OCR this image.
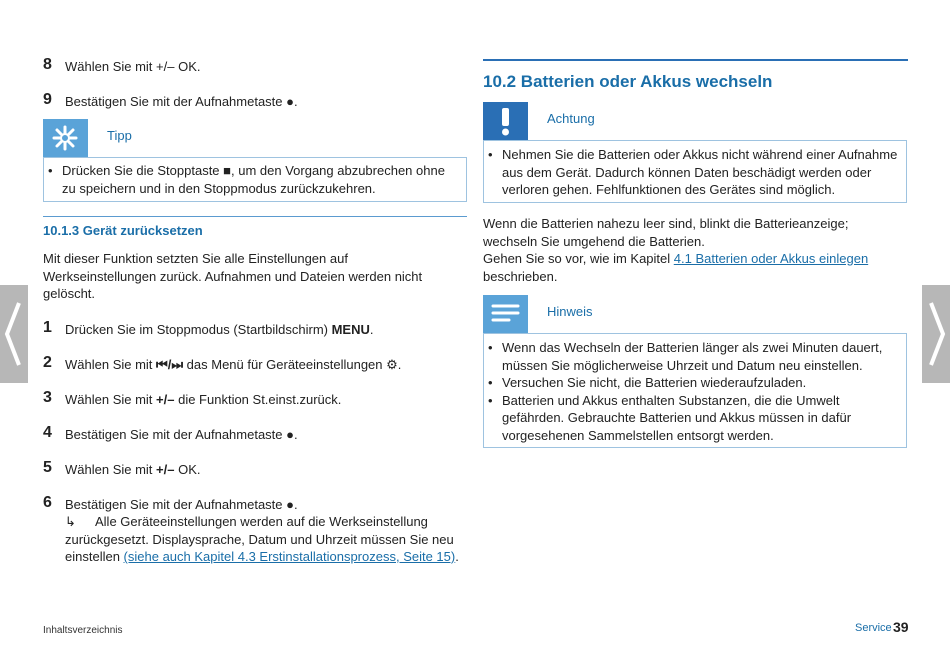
8 Wählen Sie mit +/– OK.
9 Bestätigen Sie mit der Aufnahmetaste ●.
Tipp
• Drücken Sie die Stopptaste ■, um den Vorgang abzubrechen ohne zu speichern und in den Stoppmodus zurückzukehren.
10.1.3 Gerät zurücksetzen
Mit dieser Funktion setzten Sie alle Einstellungen auf Werkseinstellungen zurück. Aufnahmen und Dateien werden nicht gelöscht.
1 Drücken Sie im Stoppmodus (Startbildschirm) MENU.
2 Wählen Sie mit ⏮/⏭ das Menü für Geräteeinstellungen ⚙.
3 Wählen Sie mit +/– die Funktion St.einst.zurück.
4 Bestätigen Sie mit der Aufnahmetaste ●.
5 Wählen Sie mit +/– OK.
6 Bestätigen Sie mit der Aufnahmetaste ●.
↳ Alle Geräteeinstellungen werden auf die Werkseinstellung zurückgesetzt. Displaysprache, Datum und Uhrzeit müssen Sie neu einstellen (siehe auch Kapitel 4.3 Erstinstallationsprozess, Seite 15).
10.2 Batterien oder Akkus wechseln
Achtung
• Nehmen Sie die Batterien oder Akkus nicht während einer Aufnahme aus dem Gerät. Dadurch können Daten beschädigt werden oder verloren gehen. Fehlfunktionen des Gerätes sind möglich.
Wenn die Batterien nahezu leer sind, blinkt die Batterieanzeige; wechseln Sie umgehend die Batterien.
Gehen Sie so vor, wie im Kapitel 4.1 Batterien oder Akkus einlegen beschrieben.
Hinweis
• Wenn das Wechseln der Batterien länger als zwei Minuten dauert, müssen Sie möglicherweise Uhrzeit und Datum neu einstellen.
• Versuchen Sie nicht, die Batterien wiederaufzuladen.
• Batterien und Akkus enthalten Substanzen, die die Umwelt gefährden. Gebrauchte Batterien und Akkus müssen in dafür vorgesehenen Sammelstellen entsorgt werden.
Inhaltsverzeichnis	Service 39
